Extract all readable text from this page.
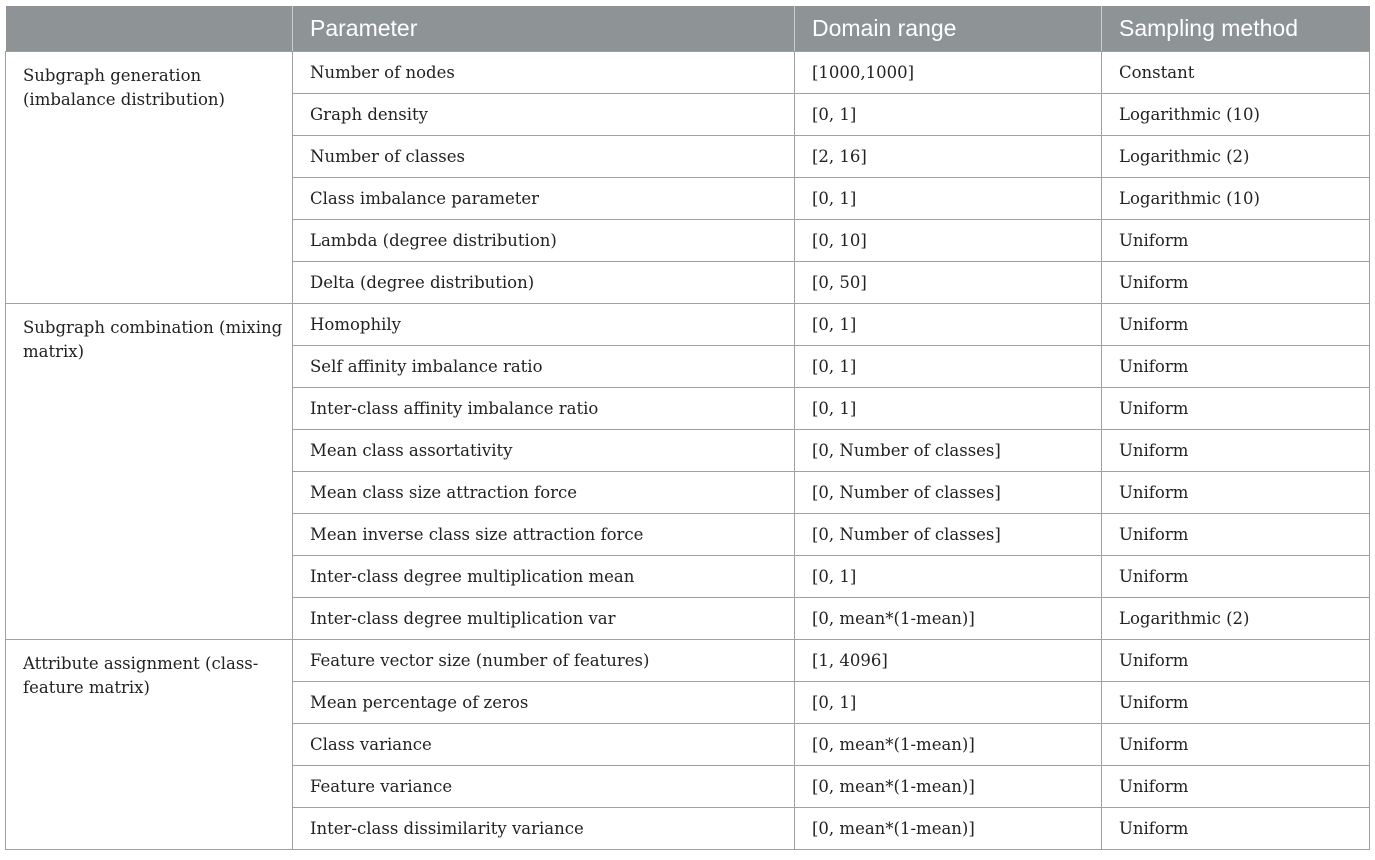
	Parameter	Domain range	Sampling method
Subgraph generation (imbalance distribution)	Number of nodes	[1000,1000]	Constant
	Graph density	[0, 1]	Logarithmic (10)
	Number of classes	[2, 16]	Logarithmic (2)
	Class imbalance parameter	[0, 1]	Logarithmic (10)
	Lambda (degree distribution)	[0, 10]	Uniform
	Delta (degree distribution)	[0, 50]	Uniform
Subgraph combination (mixing matrix)	Homophily	[0, 1]	Uniform
	Self affinity imbalance ratio	[0, 1]	Uniform
	Inter-class affinity imbalance ratio	[0, 1]	Uniform
	Mean class assortativity	[0, Number of classes]	Uniform
	Mean class size attraction force	[0, Number of classes]	Uniform
	Mean inverse class size attraction force	[0, Number of classes]	Uniform
	Inter-class degree multiplication mean	[0, 1]	Uniform
	Inter-class degree multiplication var	[0, mean*(1-mean)]	Logarithmic (2)
Attribute assignment (class-feature matrix)	Feature vector size (number of features)	[1, 4096]	Uniform
	Mean percentage of zeros	[0, 1]	Uniform
	Class variance	[0, mean*(1-mean)]	Uniform
	Feature variance	[0, mean*(1-mean)]	Uniform
	Inter-class dissimilarity variance	[0, mean*(1-mean)]	Uniform
